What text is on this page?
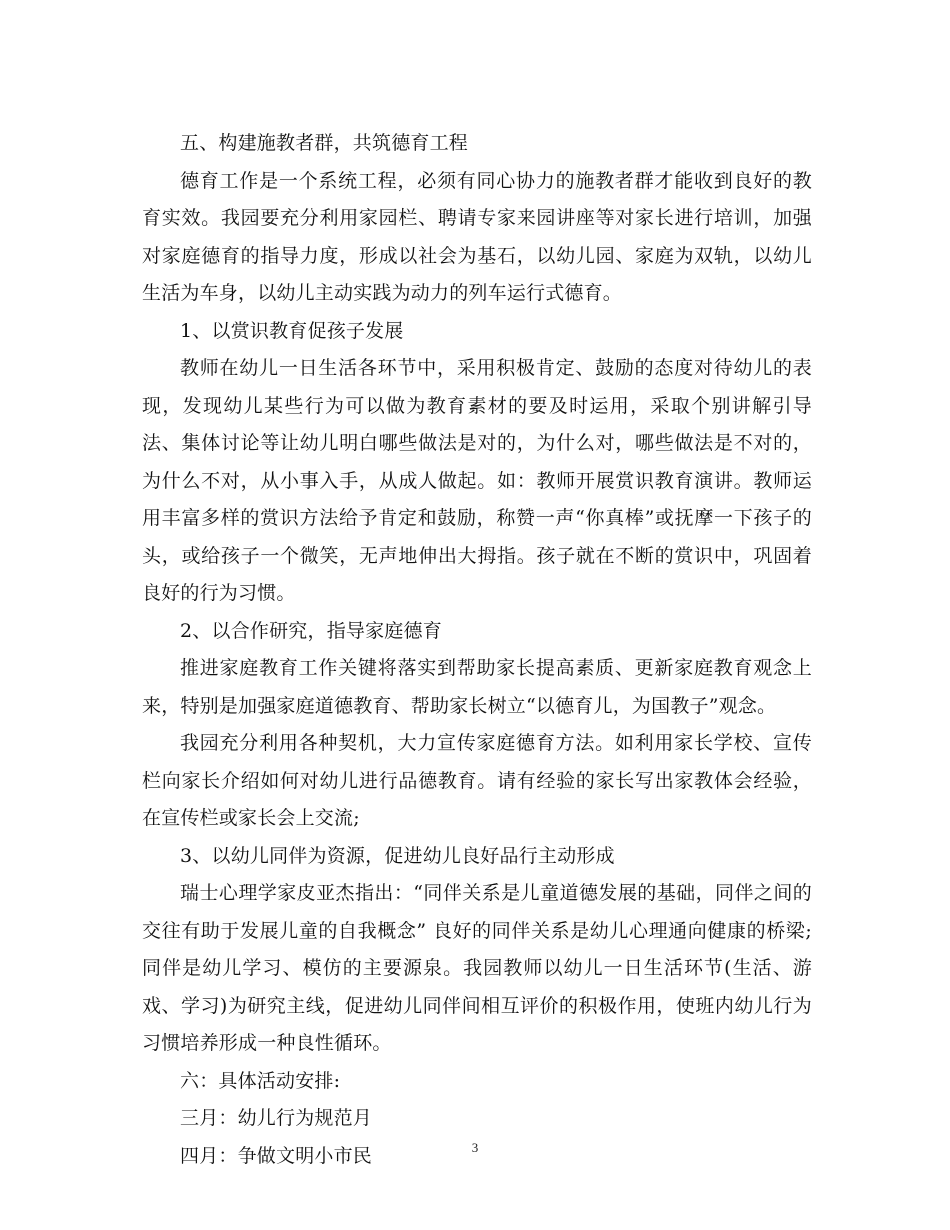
五、构建施教者群，共筑德育工程

德育工作是一个系统工程，必须有同心协力的施教者群才能收到良好的教育实效。我园要充分利用家园栏、聘请专家来园讲座等对家长进行培训，加强对家庭德育的指导力度，形成以社会为基石，以幼儿园、家庭为双轨，以幼儿生活为车身，以幼儿主动实践为动力的列车运行式德育。

1、以赏识教育促孩子发展

教师在幼儿一日生活各环节中，采用积极肯定、鼓励的态度对待幼儿的表现，发现幼儿某些行为可以做为教育素材的要及时运用，采取个别讲解引导法、集体讨论等让幼儿明白哪些做法是对的，为什么对，哪些做法是不对的，为什么不对，从小事入手，从成人做起。如：教师开展赏识教育演讲。教师运用丰富多样的赏识方法给予肯定和鼓励，称赞一声“你真棒”或抚摩一下孩子的头，或给孩子一个微笑，无声地伸出大拇指。孩子就在不断的赏识中，巩固着良好的行为习惯。

2、以合作研究，指导家庭德育

推进家庭教育工作关键将落实到帮助家长提高素质、更新家庭教育观念上来，特别是加强家庭道德教育、帮助家长树立“以德育儿，为国教子”观念。

我园充分利用各种契机，大力宣传家庭德育方法。如利用家长学校、宣传栏向家长介绍如何对幼儿进行品德教育。请有经验的家长写出家教体会经验，在宣传栏或家长会上交流;

3、以幼儿同伴为资源，促进幼儿良好品行主动形成

瑞士心理学家皮亚杰指出：“同伴关系是儿童道德发展的基础，同伴之间的交往有助于发展儿童的自我概念” 良好的同伴关系是幼儿心理通向健康的桥梁;同伴是幼儿学习、模仿的主要源泉。我园教师以幼儿一日生活环节(生活、游戏、学习)为研究主线，促进幼儿同伴间相互评价的积极作用，使班内幼儿行为习惯培养形成一种良性循环。

六：具体活动安排:

三月：幼儿行为规范月

四月：争做文明小市民	3
